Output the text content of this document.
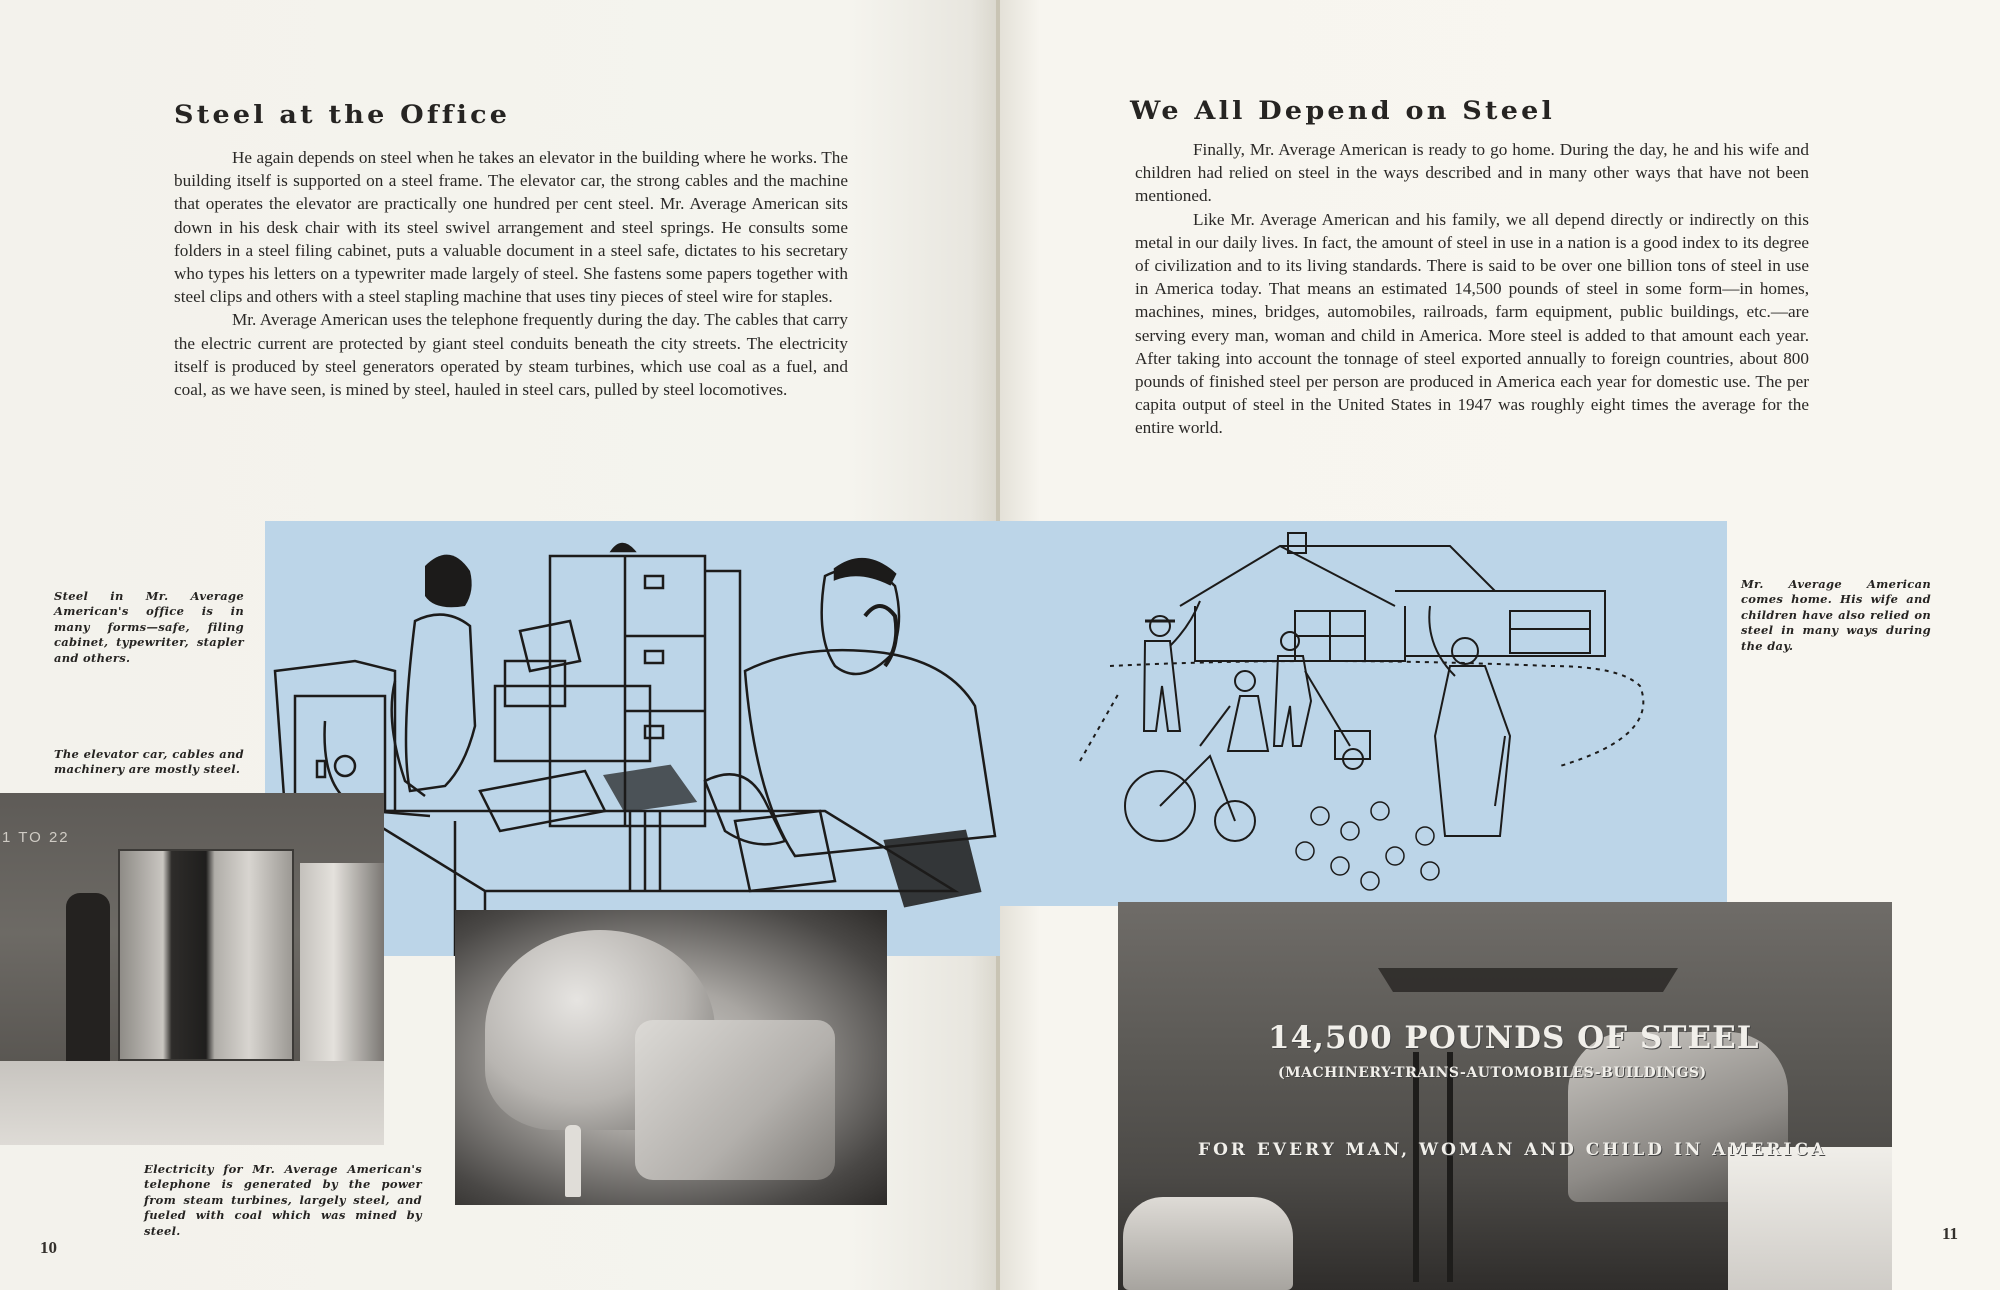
Steel at the Office

He again depends on steel when he takes an elevator in the building where he works. The building itself is supported on a steel frame. The elevator car, the strong cables and the machine that operates the elevator are practically one hundred per cent steel. Mr. Average American sits down in his desk chair with its steel swivel arrangement and steel springs. He consults some folders in a steel filing cabinet, puts a valuable document in a steel safe, dictates to his secretary who types his letters on a typewriter made largely of steel. She fastens some papers together with steel clips and others with a steel stapling machine that uses tiny pieces of steel wire for staples.

Mr. Average American uses the telephone frequently during the day. The cables that carry the electric current are protected by giant steel conduits beneath the city streets. The electricity itself is produced by steel generators operated by steam turbines, which use coal as a fuel, and coal, as we have seen, is mined by steel, hauled in steel cars, pulled by steel locomotives.

We All Depend on Steel

Finally, Mr. Average American is ready to go home. During the day, he and his wife and children had relied on steel in the ways described and in many other ways that have not been mentioned.

Like Mr. Average American and his family, we all depend directly or indirectly on this metal in our daily lives. In fact, the amount of steel in use in a nation is a good index to its degree of civilization and to its living standards. There is said to be over one billion tons of steel in use in America today. That means an estimated 14,500 pounds of steel in some form—in homes, machines, mines, bridges, automobiles, railroads, farm equipment, public buildings, etc.—are serving every man, woman and child in America. More steel is added to that amount each year. After taking into account the tonnage of steel exported annually to foreign countries, about 800 pounds of finished steel per person are produced in America each year for domestic use. The per capita output of steel in the United States in 1947 was roughly eight times the average for the entire world.

Steel in Mr. Average American's office is in many forms—safe, filing cabinet, typewriter, stapler and others.
The elevator car, cables and machinery are mostly steel.
Electricity for Mr. Average American's telephone is generated by the power from steam turbines, largely steel, and fueled with coal which was mined by steel.
Mr. Average American comes home. His wife and children have also relied on steel in many ways during the day.
1 TO 22
14,500 POUNDS OF STEEL
(MACHINERY-TRAINS-AUTOMOBILES-BUILDINGS)
FOR EVERY MAN, WOMAN AND CHILD IN AMERICA
10
11
